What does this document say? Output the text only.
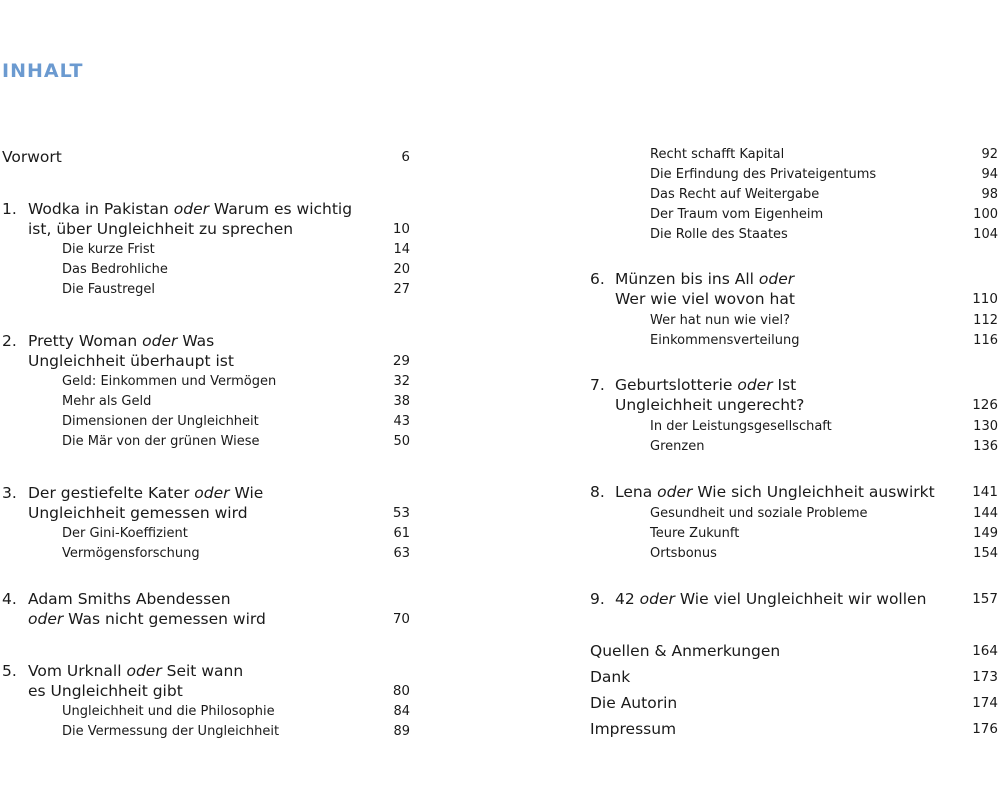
INHALT
Vorwort	6
1. Wodka in Pakistan oder Warum es wichtig
ist, über Ungleichheit zu sprechen	10
Die kurze Frist	14
Das Bedrohliche	20
Die Faustregel	27
2. Pretty Woman oder Was
Ungleichheit überhaupt ist	29
Geld: Einkommen und Vermögen	32
Mehr als Geld	38
Dimensionen der Ungleichheit	43
Die Mär von der grünen Wiese	50
3. Der gestiefelte Kater oder Wie
Ungleichheit gemessen wird	53
Der Gini-Koeffizient	61
Vermögensforschung	63
4. Adam Smiths Abendessen
oder Was nicht gemessen wird	70
5. Vom Urknall oder Seit wann
es Ungleichheit gibt	80
Ungleichheit und die Philosophie	84
Die Vermessung der Ungleichheit	89
Recht schafft Kapital	92
Die Erfindung des Privateigentums	94
Das Recht auf Weitergabe	98
Der Traum vom Eigenheim	100
Die Rolle des Staates	104
6. Münzen bis ins All oder
Wer wie viel wovon hat	110
Wer hat nun wie viel?	112
Einkommensverteilung	116
7. Geburtslotterie oder Ist
Ungleichheit ungerecht?	126
In der Leistungsgesellschaft	130
Grenzen	136
8. Lena oder Wie sich Ungleichheit auswirkt	141
Gesundheit und soziale Probleme	144
Teure Zukunft	149
Ortsbonus	154
9. 42 oder Wie viel Ungleichheit wir wollen	157
Quellen & Anmerkungen	164
Dank	173
Die Autorin	174
Impressum	176
